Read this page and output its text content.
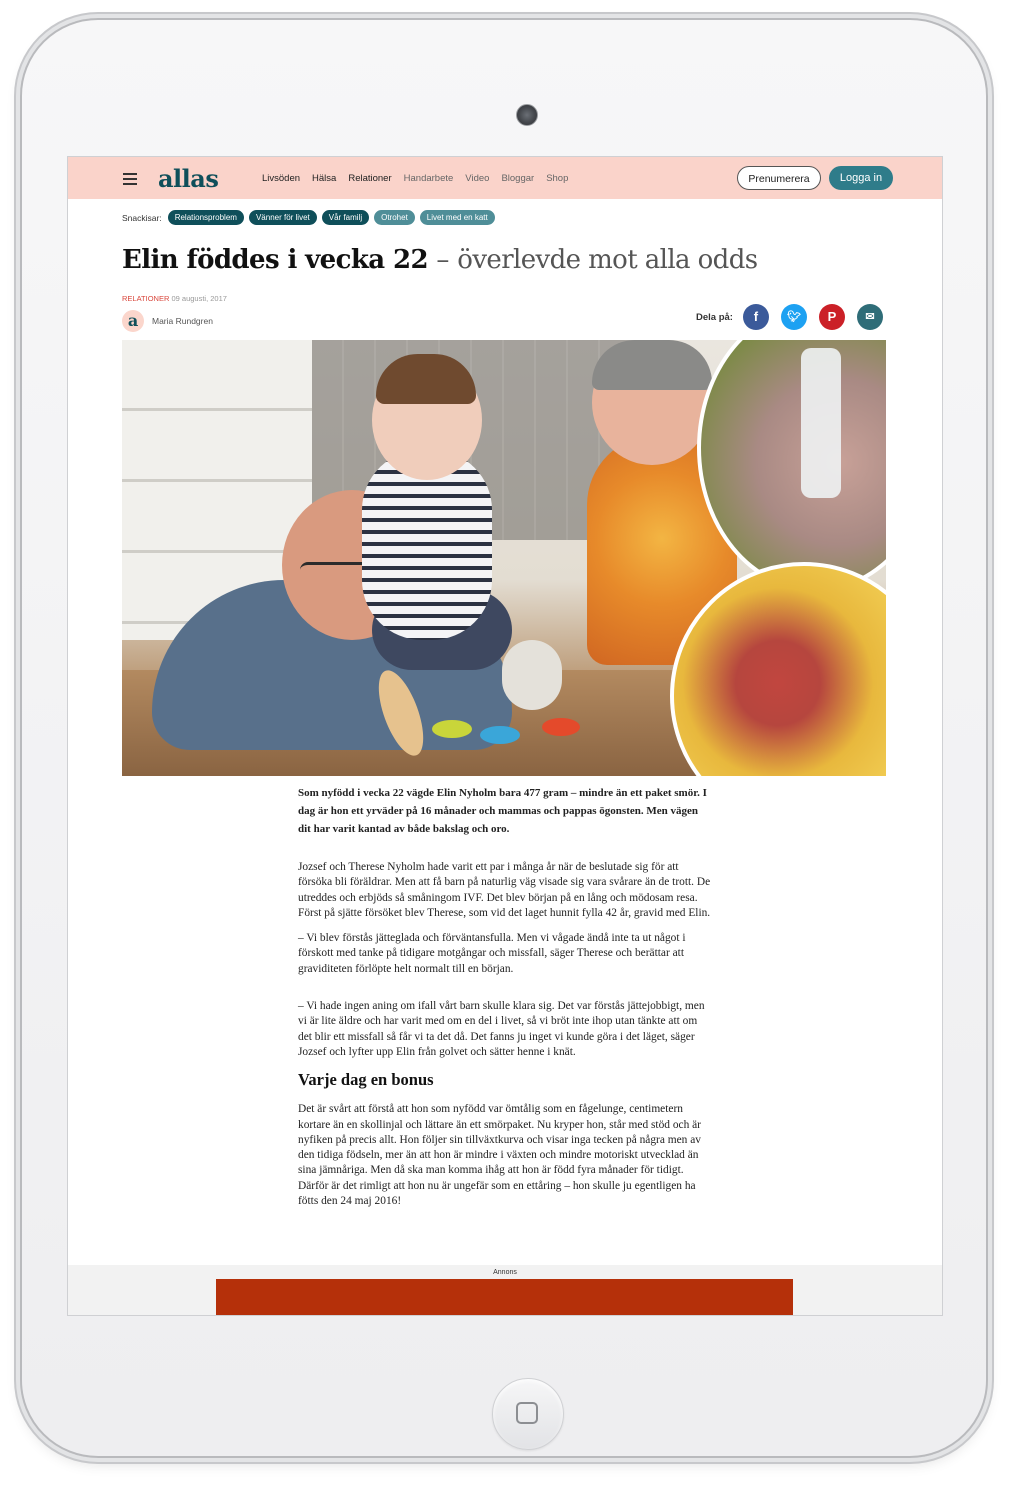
allas	Livsöden Hälsa Relationer Handarbete Video Bloggar Shop	Prenumerera	Logga in
Snackisar:	Relationsproblem	Vänner för livet	Vår familj	Otrohet	Livet med en katt
Elin föddes i vecka 22 – överlevde mot alla odds
RELATIONER 09 augusti, 2017
a	Maria Rundgren	Dela på:	f	🐦︎	P	✉

Som nyfödd i vecka 22 vägde Elin Nyholm bara 477 gram – mindre än ett paket smör. I dag är hon ett yrväder på 16 månader och mammas och pappas ögonsten. Men vägen dit har varit kantad av både bakslag och oro.

Jozsef och Therese Nyholm hade varit ett par i många år när de beslutade sig för att försöka bli föräldrar. Men att få barn på naturlig väg visade sig vara svårare än de trott. De utreddes och erbjöds så småningom IVF. Det blev början på en lång och mödosam resa. Först på sjätte försöket blev Therese, som vid det laget hunnit fylla 42 år, gravid med Elin.

– Vi blev förstås jätteglada och förväntansfulla. Men vi vågade ändå inte ta ut något i förskott med tanke på tidigare motgångar och missfall, säger Therese och berättar att graviditeten förlöpte helt normalt till en början.

– Vi hade ingen aning om ifall vårt barn skulle klara sig. Det var förstås jättejobbigt, men vi är lite äldre och har varit med om en del i livet, så vi bröt inte ihop utan tänkte att om det blir ett missfall så får vi ta det då. Det fanns ju inget vi kunde göra i det läget, säger Jozsef och lyfter upp Elin från golvet och sätter henne i knät.

Varje dag en bonus

Det är svårt att förstå att hon som nyfödd var ömtålig som en fågelunge, centimetern kortare än en skollinjal och lättare än ett smörpaket. Nu kryper hon, står med stöd och är nyfiken på precis allt. Hon följer sin tillväxtkurva och visar inga tecken på några men av den tidiga födseln, mer än att hon är mindre i växten och mindre motoriskt utvecklad än sina jämnåriga. Men då ska man komma ihåg att hon är född fyra månader för tidigt. Därför är det rimligt att hon nu är ungefär som en ettåring – hon skulle ju egentligen ha fötts den 24 maj 2016!

Annons
